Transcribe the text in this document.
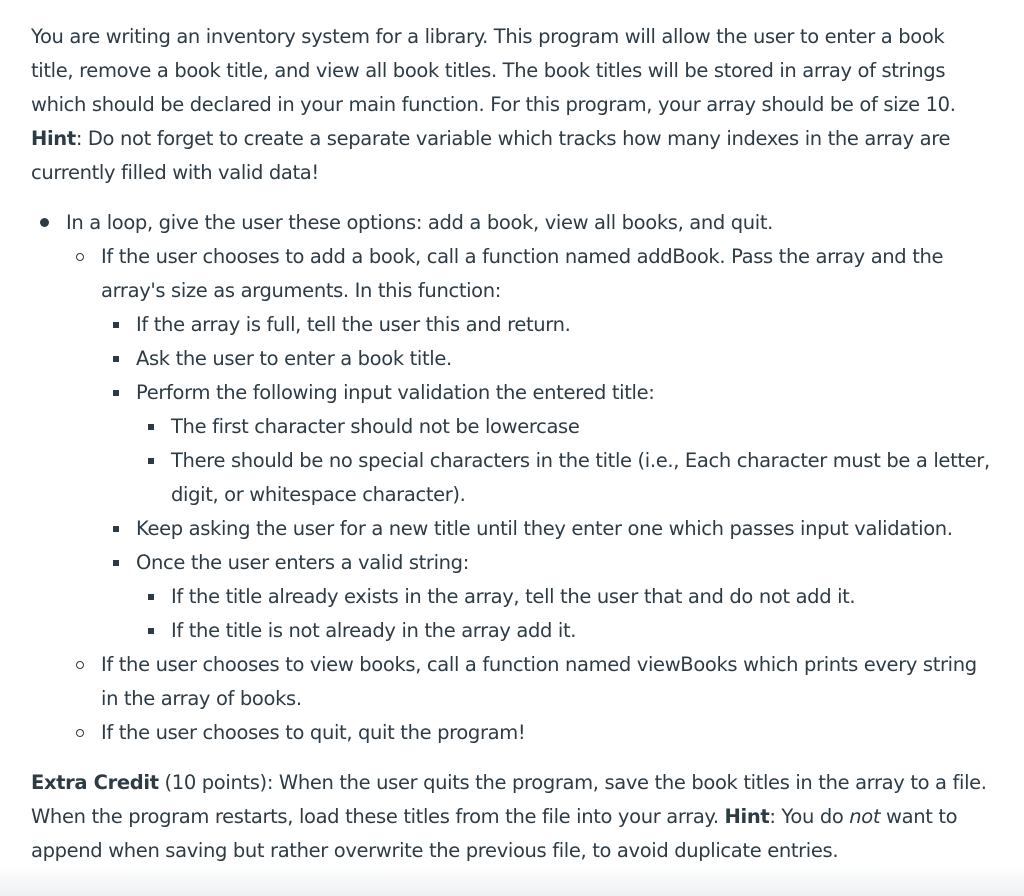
You are writing an inventory system for a library. This program will allow the user to enter a book title, remove a book title, and view all book titles. The book titles will be stored in array of strings which should be declared in your main function. For this program, your array should be of size 10. Hint: Do not forget to create a separate variable which tracks how many indexes in the array are currently filled with valid data!

In a loop, give the user these options: add a book, view all books, and quit.
If the user chooses to add a book, call a function named addBook. Pass the array and the array's size as arguments. In this function:
If the array is full, tell the user this and return.
Ask the user to enter a book title.
Perform the following input validation the entered title:
The first character should not be lowercase
There should be no special characters in the title (i.e., Each character must be a letter, digit, or whitespace character).
Keep asking the user for a new title until they enter one which passes input validation.
Once the user enters a valid string:
If the title already exists in the array, tell the user that and do not add it.
If the title is not already in the array add it.
If the user chooses to view books, call a function named viewBooks which prints every string in the array of books.
If the user chooses to quit, quit the program!

Extra Credit (10 points): When the user quits the program, save the book titles in the array to a file. When the program restarts, load these titles from the file into your array. Hint: You do not want to append when saving but rather overwrite the previous file, to avoid duplicate entries.
